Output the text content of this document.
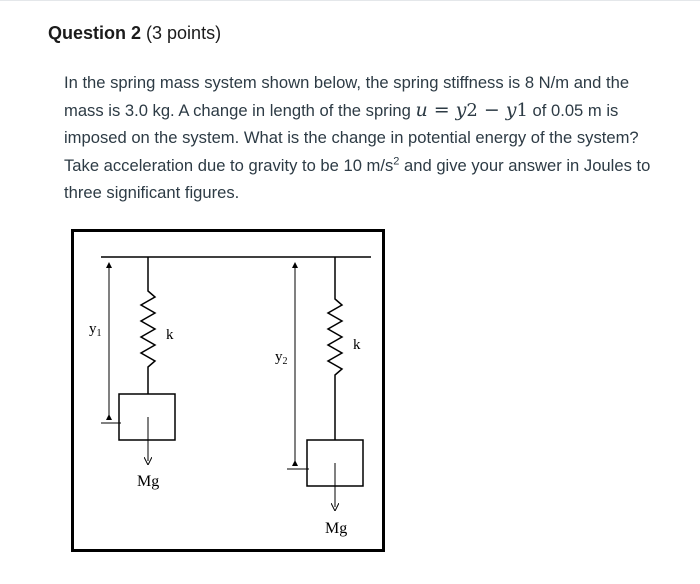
Question 2 (3 points)
In the spring mass system shown below, the spring stiffness is 8 N/m and the mass is 3.0 kg. A change in length of the spring u = y2 − y1 of 0.05 m is imposed on the system. What is the change in potential energy of the system? Take acceleration due to gravity to be 10 $m/s^2$ and give your answer in Joules to three significant figures.
$y_1$	k
Mg
$y_2$
k
Mg
